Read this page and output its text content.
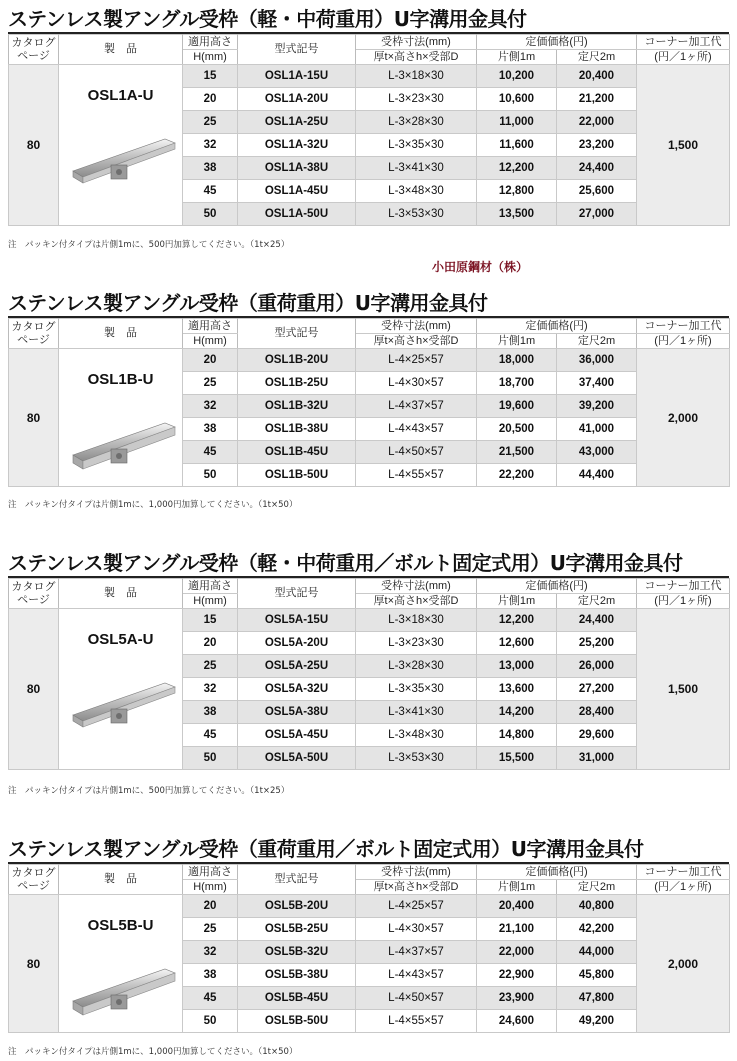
ステンレス製アングル受枠（軽・中荷重用）U字溝用金具付
カタログ
ページ	製　品	適用高さ	型式記号	受枠寸法(mm)	定価価格(円)		コーナー加工代
		H(mm)		厚t×高さh×受部D	片側1m	定尺2m	(円／1ヶ所)
80	OSL1A-U	15	OSL1A-15U	L-3×18×30	10,200	20,400	1,500
		20	OSL1A-20U	L-3×23×30	10,600	21,200	
		25	OSL1A-25U	L-3×28×30	11,000	22,000	
		32	OSL1A-32U	L-3×35×30	11,600	23,200	
		38	OSL1A-38U	L-3×41×30	12,200	24,400	
		45	OSL1A-45U	L-3×48×30	12,800	25,600	
		50	OSL1A-50U	L-3×53×30	13,500	27,000	
注　パッキン付タイプは片側1mに、500円加算してください。（1t×25）
小田原鋼材（株）
ステンレス製アングル受枠（重荷重用）U字溝用金具付
カタログ
ページ	製　品	適用高さ	型式記号	受枠寸法(mm)	定価価格(円)		コーナー加工代
		H(mm)		厚t×高さh×受部D	片側1m	定尺2m	(円／1ヶ所)
80	OSL1B-U	20	OSL1B-20U	L-4×25×57	18,000	36,000	2,000
		25	OSL1B-25U	L-4×30×57	18,700	37,400	
		32	OSL1B-32U	L-4×37×57	19,600	39,200	
		38	OSL1B-38U	L-4×43×57	20,500	41,000	
		45	OSL1B-45U	L-4×50×57	21,500	43,000	
		50	OSL1B-50U	L-4×55×57	22,200	44,400	
注　パッキン付タイプは片側1mに、1,000円加算してください。（1t×50）
ステンレス製アングル受枠（軽・中荷重用／ボルト固定式用）U字溝用金具付
カタログ
ページ	製　品	適用高さ	型式記号	受枠寸法(mm)	定価価格(円)		コーナー加工代
		H(mm)		厚t×高さh×受部D	片側1m	定尺2m	(円／1ヶ所)
80	OSL5A-U	15	OSL5A-15U	L-3×18×30	12,200	24,400	1,500
		20	OSL5A-20U	L-3×23×30	12,600	25,200	
		25	OSL5A-25U	L-3×28×30	13,000	26,000	
		32	OSL5A-32U	L-3×35×30	13,600	27,200	
		38	OSL5A-38U	L-3×41×30	14,200	28,400	
		45	OSL5A-45U	L-3×48×30	14,800	29,600	
		50	OSL5A-50U	L-3×53×30	15,500	31,000	
注　パッキン付タイプは片側1mに、500円加算してください。（1t×25）
ステンレス製アングル受枠（重荷重用／ボルト固定式用）U字溝用金具付
カタログ
ページ	製　品	適用高さ	型式記号	受枠寸法(mm)	定価価格(円)		コーナー加工代
		H(mm)		厚t×高さh×受部D	片側1m	定尺2m	(円／1ヶ所)
80	OSL5B-U	20	OSL5B-20U	L-4×25×57	20,400	40,800	2,000
		25	OSL5B-25U	L-4×30×57	21,100	42,200	
		32	OSL5B-32U	L-4×37×57	22,000	44,000	
		38	OSL5B-38U	L-4×43×57	22,900	45,800	
		45	OSL5B-45U	L-4×50×57	23,900	47,800	
		50	OSL5B-50U	L-4×55×57	24,600	49,200	
注　パッキン付タイプは片側1mに、1,000円加算してください。（1t×50）
